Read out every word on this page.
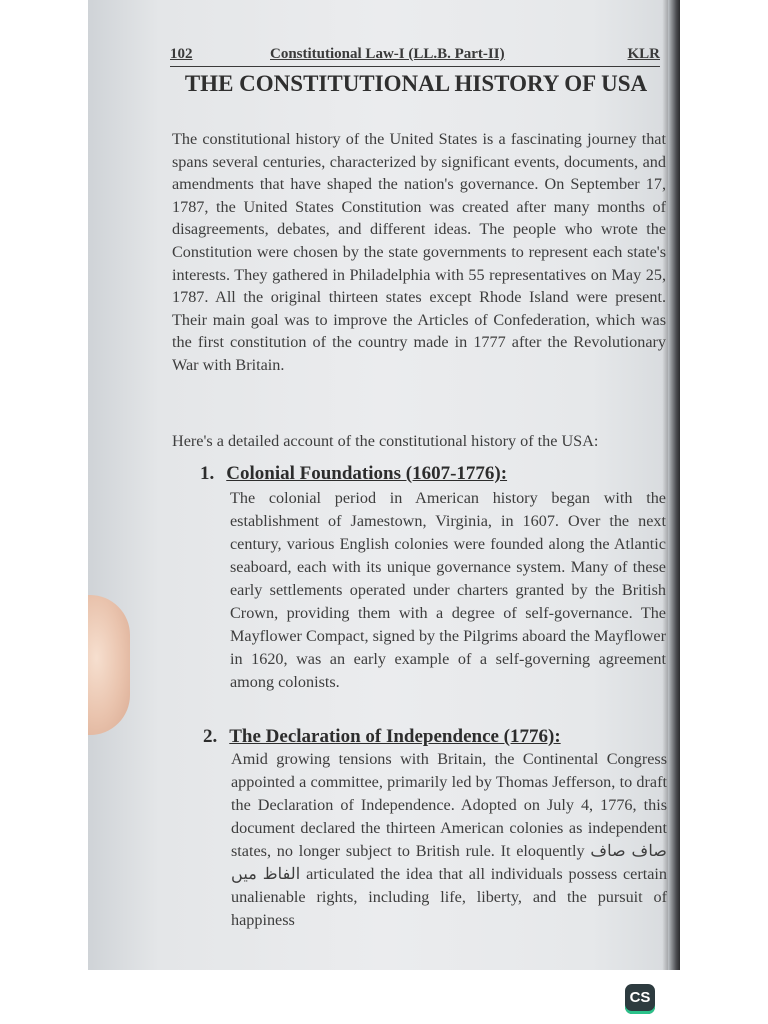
102	Constitutional Law-I (LL.B. Part-II)	KLR
THE CONSTITUTIONAL HISTORY OF USA
The constitutional history of the United States is a fascinating journey that spans several centuries, characterized by significant events, documents, and amendments that have shaped the nation's governance. On September 17, 1787, the United States Constitution was created after many months of disagreements, debates, and different ideas. The people who wrote the Constitution were chosen by the state governments to represent each state's interests. They gathered in Philadelphia with 55 representatives on May 25, 1787. All the original thirteen states except Rhode Island were present. Their main goal was to improve the Articles of Confederation, which was the first constitution of the country made in 1777 after the Revolutionary War with Britain.
Here's a detailed account of the constitutional history of the USA:
1. Colonial Foundations (1607-1776):
The colonial period in American history began with the establishment of Jamestown, Virginia, in 1607. Over the next century, various English colonies were founded along the Atlantic seaboard, each with its unique governance system. Many of these early settlements operated under charters granted by the British Crown, providing them with a degree of self-governance. The Mayflower Compact, signed by the Pilgrims aboard the Mayflower in 1620, was an early example of a self-governing agreement among colonists.
2. The Declaration of Independence (1776):
Amid growing tensions with Britain, the Continental Congress appointed a committee, primarily led by Thomas Jefferson, to draft the Declaration of Independence. Adopted on July 4, 1776, this document declared the thirteen American colonies as independent states, no longer subject to British rule. It eloquently صاف صاف الفاظ میں articulated the idea that all individuals possess certain unalienable rights, including life, liberty, and the pursuit of happiness
CS
